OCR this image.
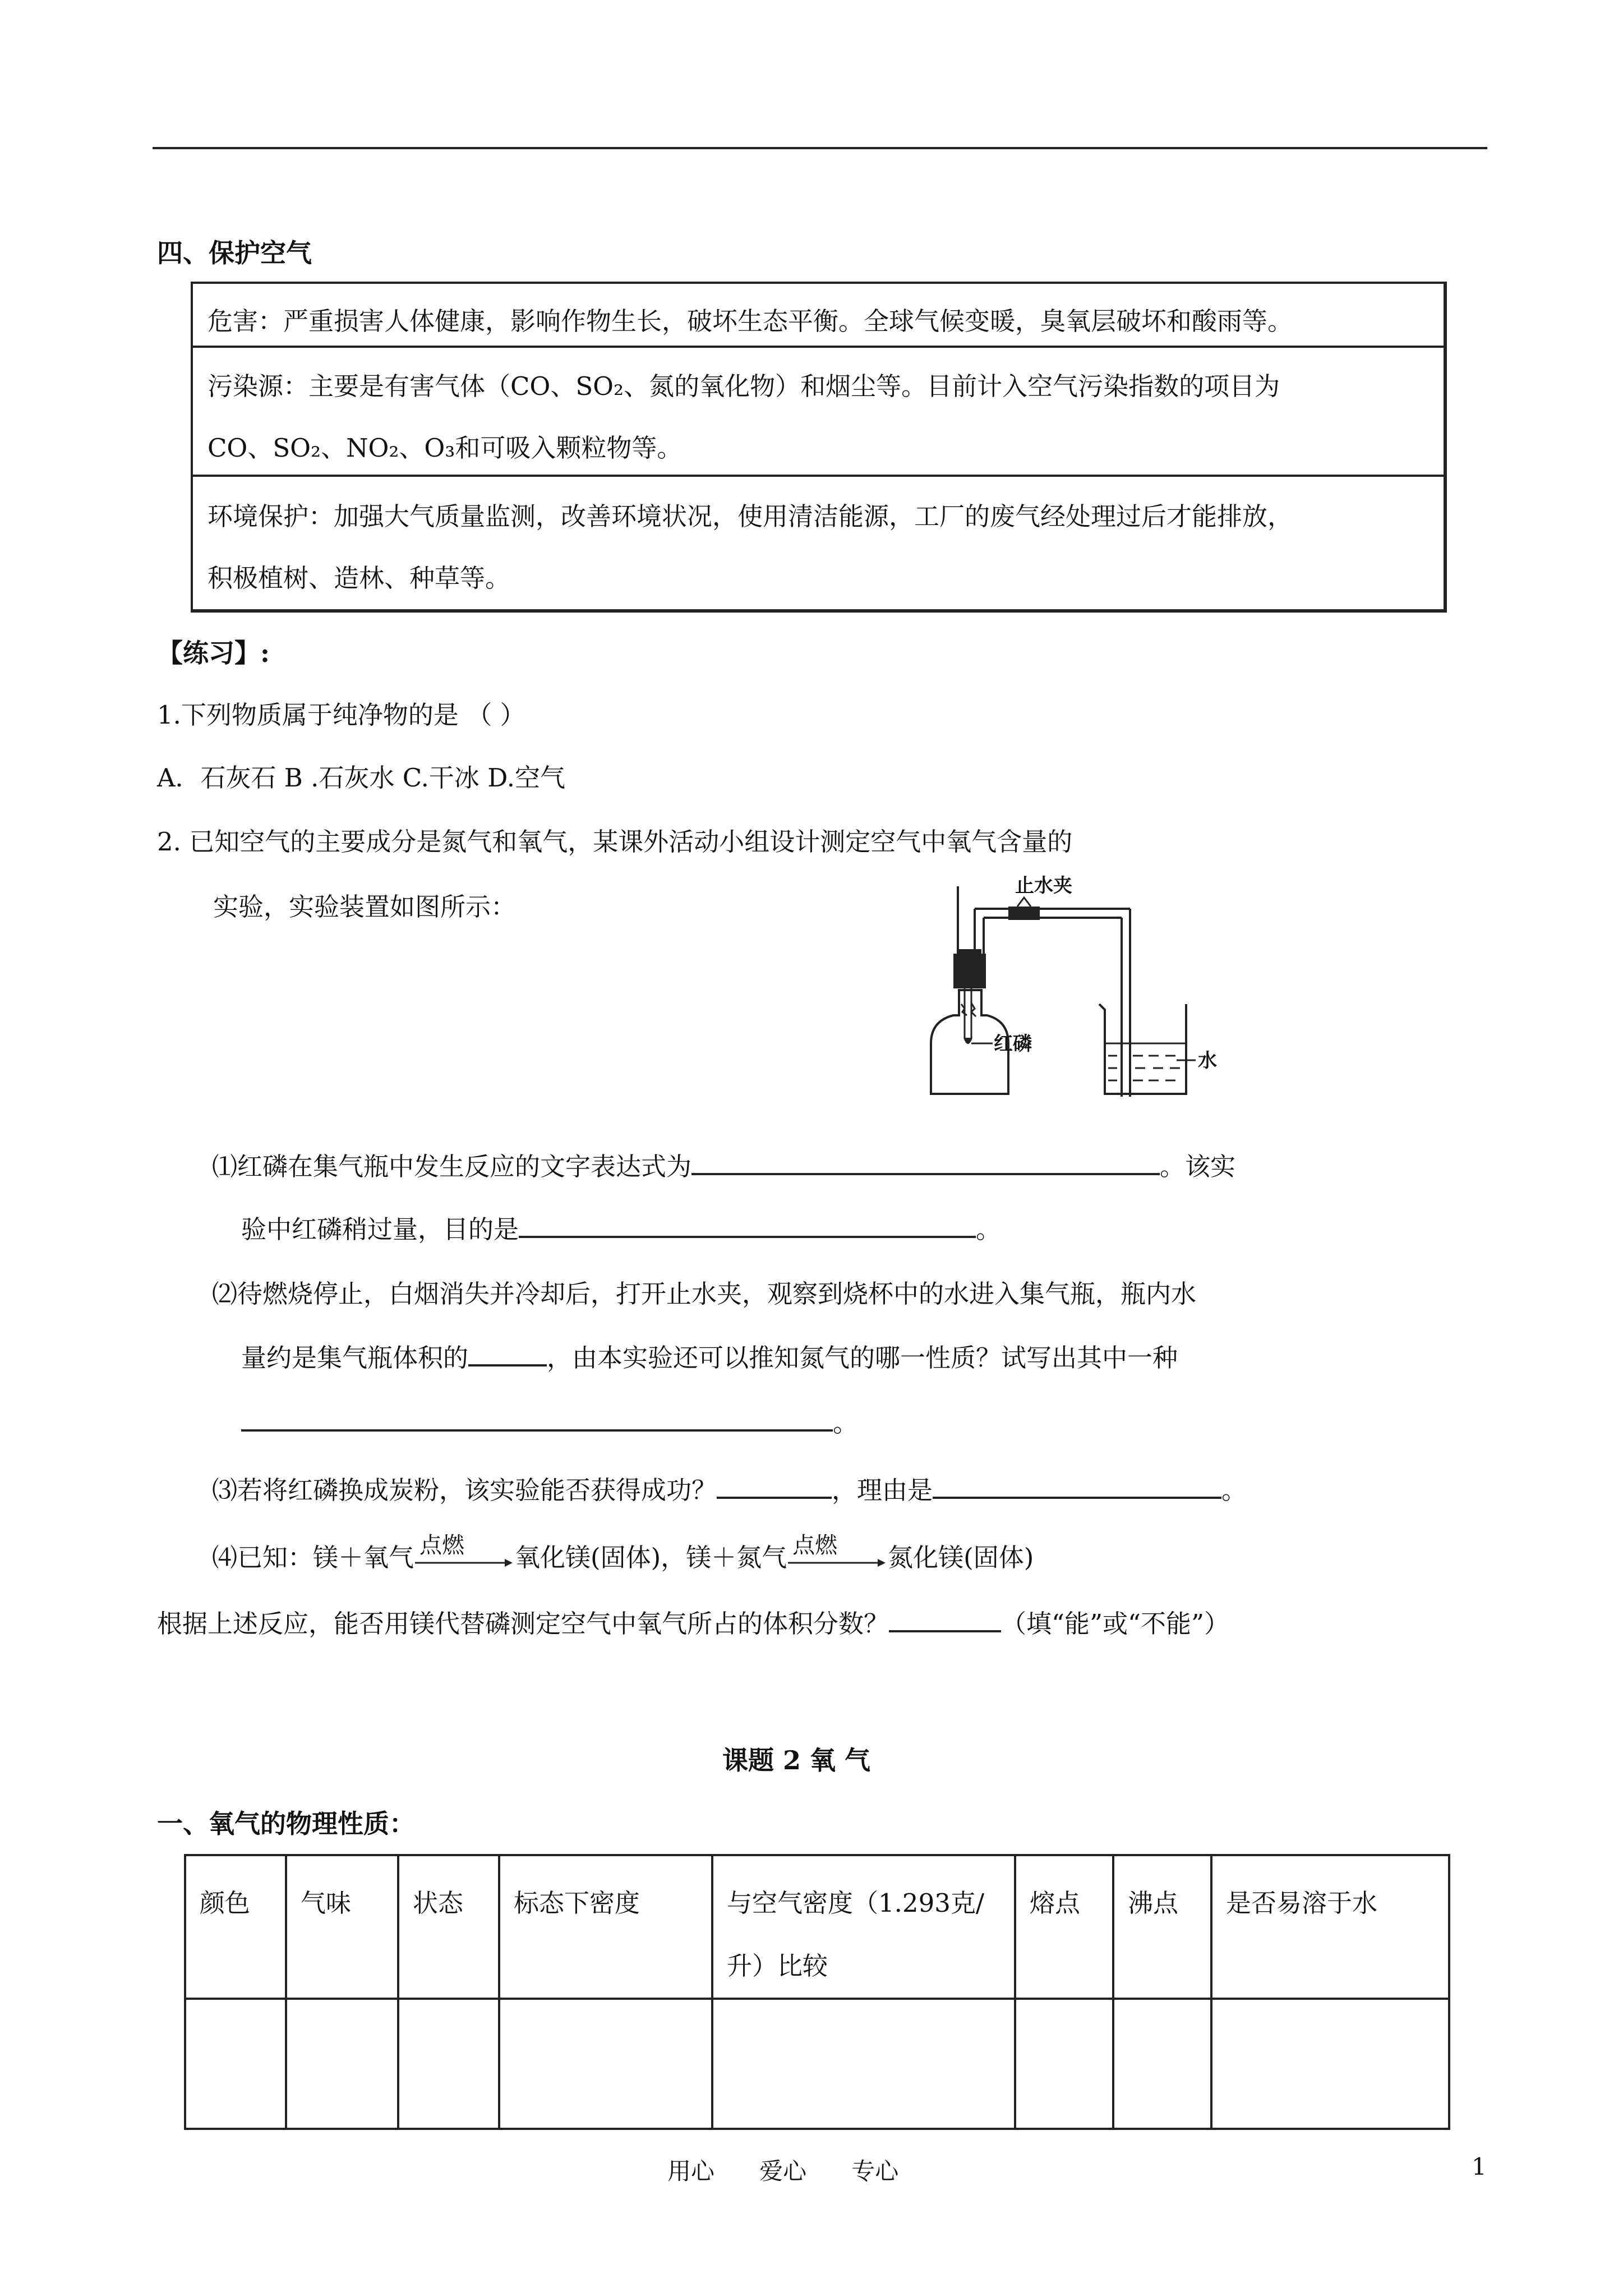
四、保护空气
危害：严重损害人体健康，影响作物生长，破坏生态平衡。全球气候变暖，臭氧层破坏和酸雨等。
污染源：主要是有害气体（CO、SO₂、氮的氧化物）和烟尘等。目前计入空气污染指数的项目为
CO、SO₂、NO₂、O₃和可吸入颗粒物等。
环境保护：加强大气质量监测，改善环境状况，使用清洁能源，工厂的废气经处理过后才能排放，
积极植树、造林、种草等。
【练习】:
1.下列物质属于纯净物的是 （ ）
A．石灰石 B .石灰水 C.干冰 D.空气
2. 已知空气的主要成分是氮气和氧气，某课外活动小组设计测定空气中氧气含量的
实验，实验装置如图所示：
止水夹
红磷
水
⑴红磷在集气瓶中发生反应的文字表达式为	。该实
验中红磷稍过量，目的是	。
⑵待燃烧停止，白烟消失并冷却后，打开止水夹，观察到烧杯中的水进入集气瓶，瓶内水
量约是集气瓶体积的	，由本实验还可以推知氮气的哪一性质？试写出其中一种
。
⑶若将红磷换成炭粉，该实验能否获得成功？	，理由是	。
⑷已知：镁＋氧气 点燃 氧化镁(固体)，镁＋氮气 点燃 氮化镁(固体)
根据上述反应，能否用镁代替磷测定空气中氧气所占的体积分数？	（填“能”或“不能”）
课题 2 氧 气
一、氧气的物理性质：
颜色	气味	状态	标态下密度	与空气密度（1.293克/升）比较	熔点	沸点	是否易溶于水

用心      爱心      专心	1
